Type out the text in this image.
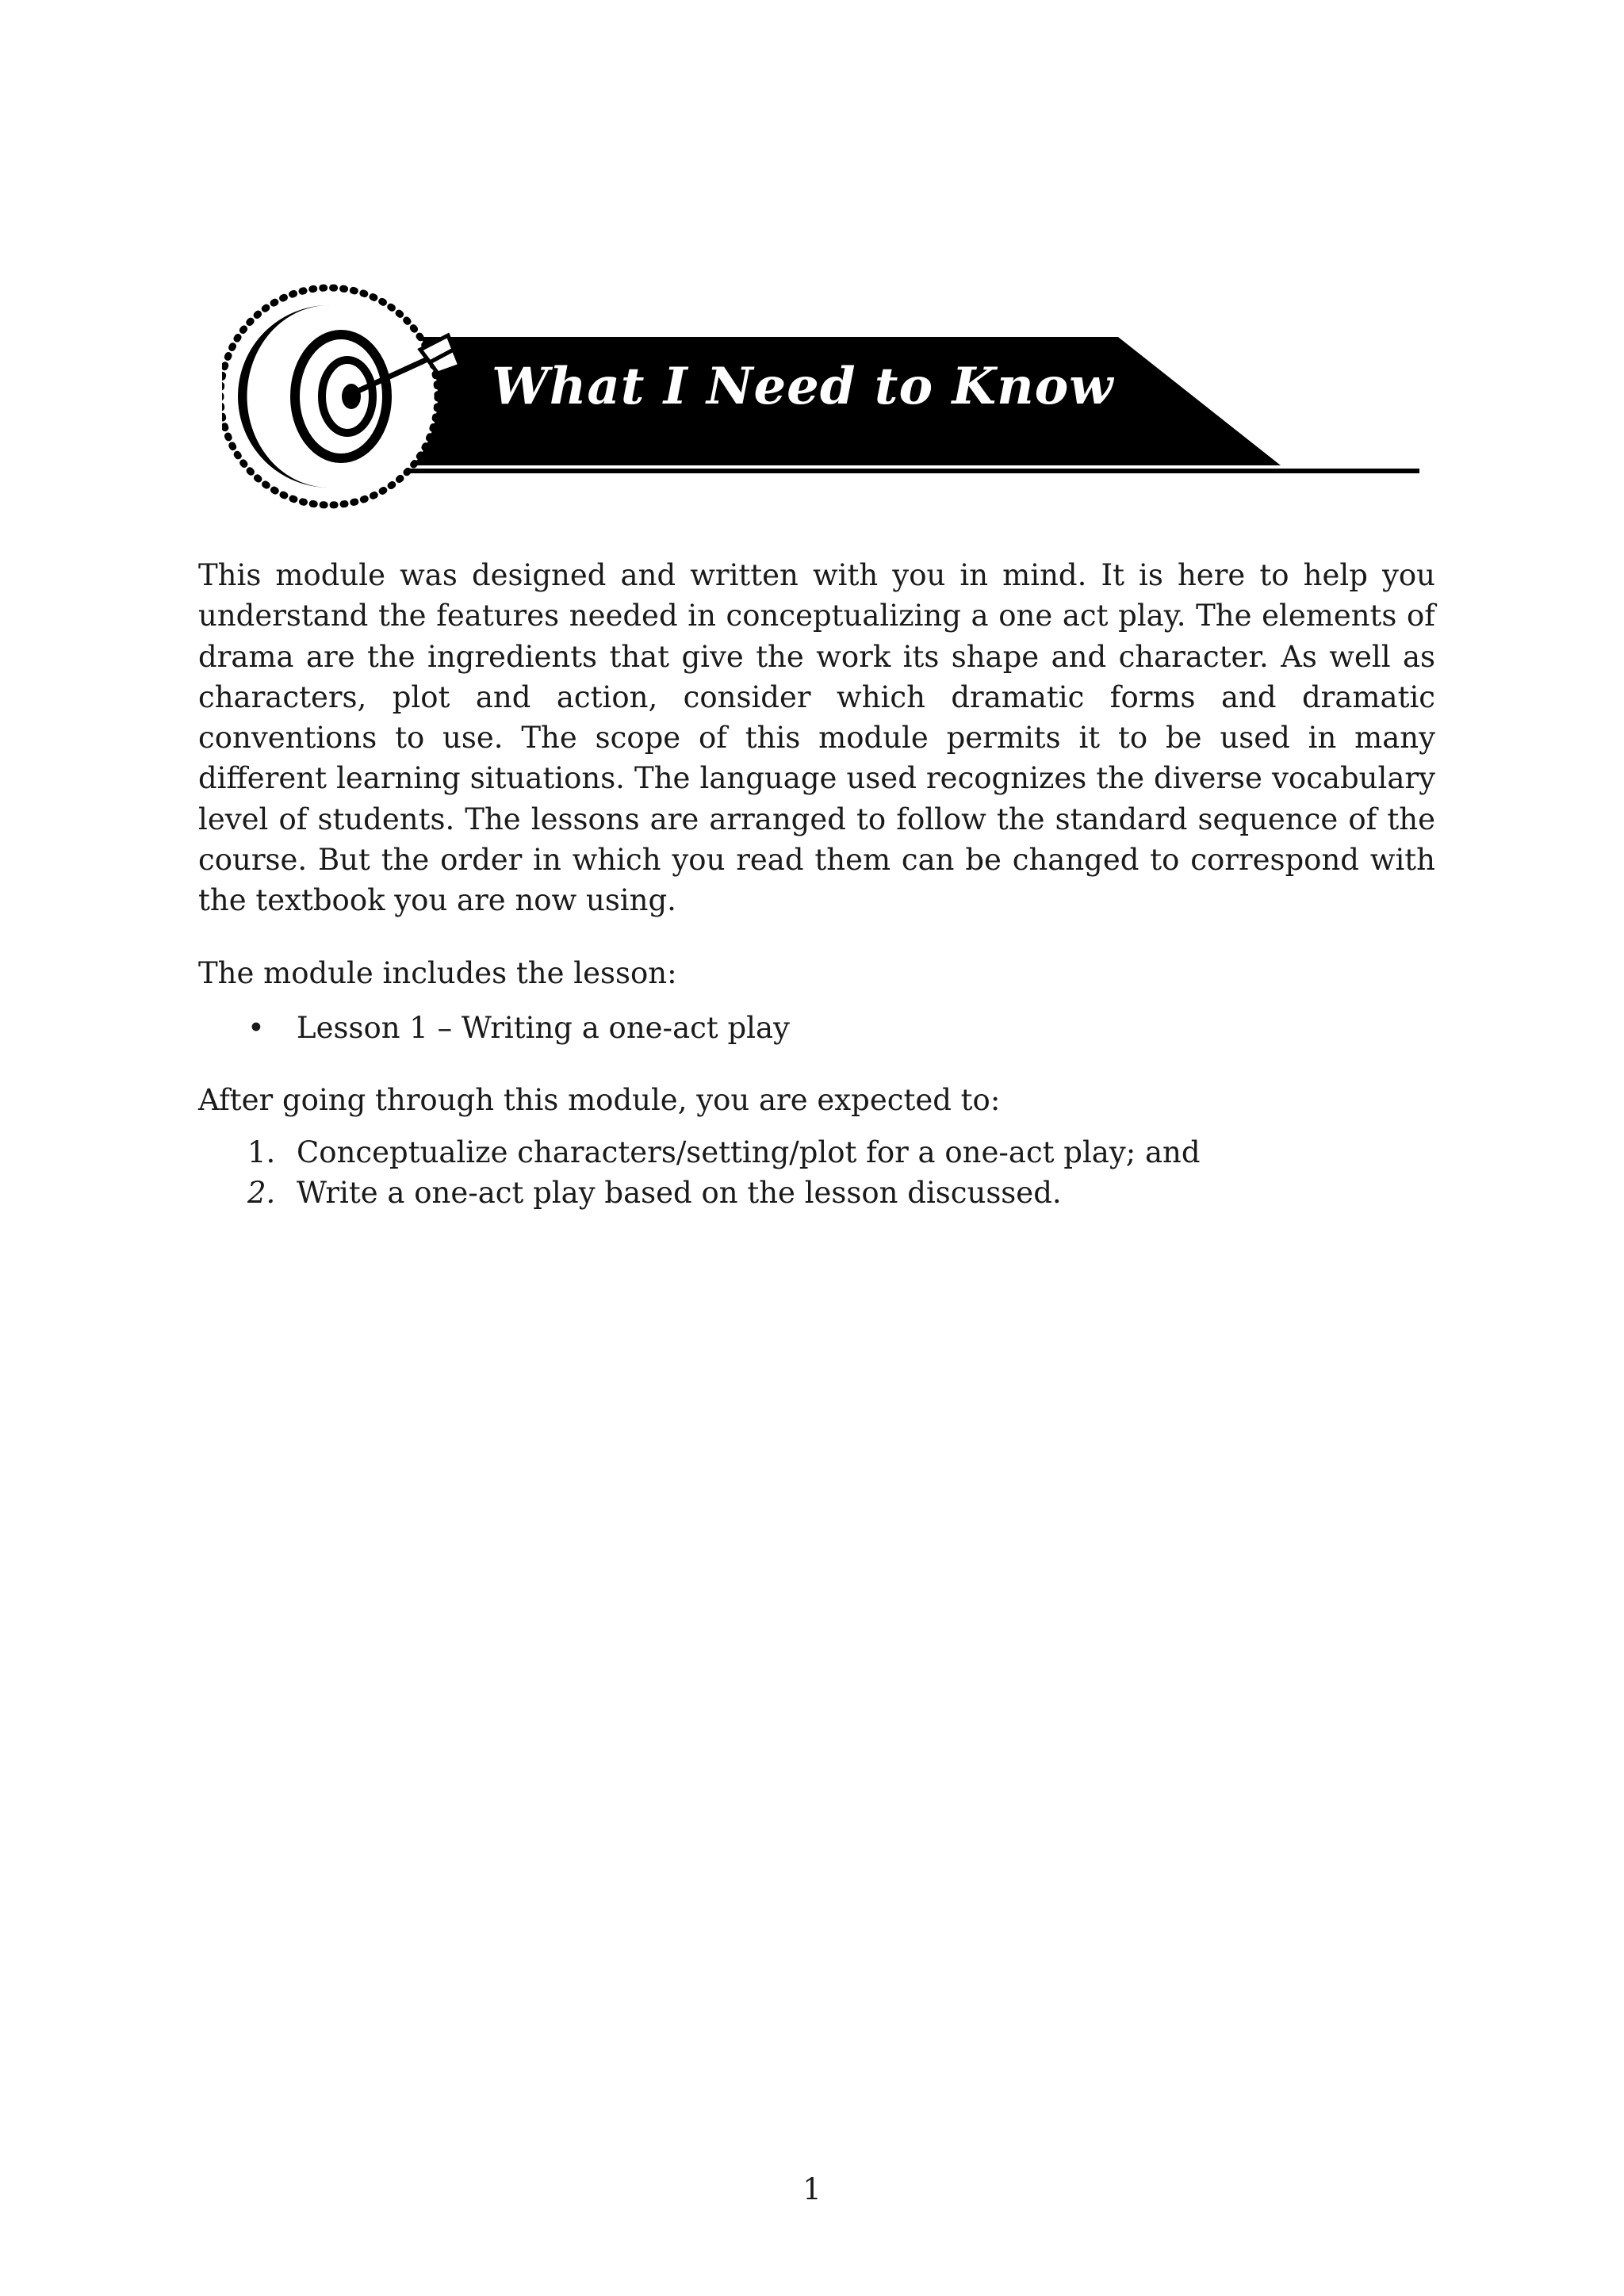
What I Need to Know

This module was designed and written with you in mind. It is here to help you understand the features needed in conceptualizing a one act play. The elements of drama are the ingredients that give the work its shape and character. As well as characters, plot and action, consider which dramatic forms and dramatic conventions to use. The scope of this module permits it to be used in many different learning situations. The language used recognizes the diverse vocabulary level of students. The lessons are arranged to follow the standard sequence of the course. But the order in which you read them can be changed to correspond with the textbook you are now using.

The module includes the lesson:

• Lesson 1 – Writing a one-act play

After going through this module, you are expected to:

1. Conceptualize characters/setting/plot for a one-act play; and
2. Write a one-act play based on the lesson discussed.
1
